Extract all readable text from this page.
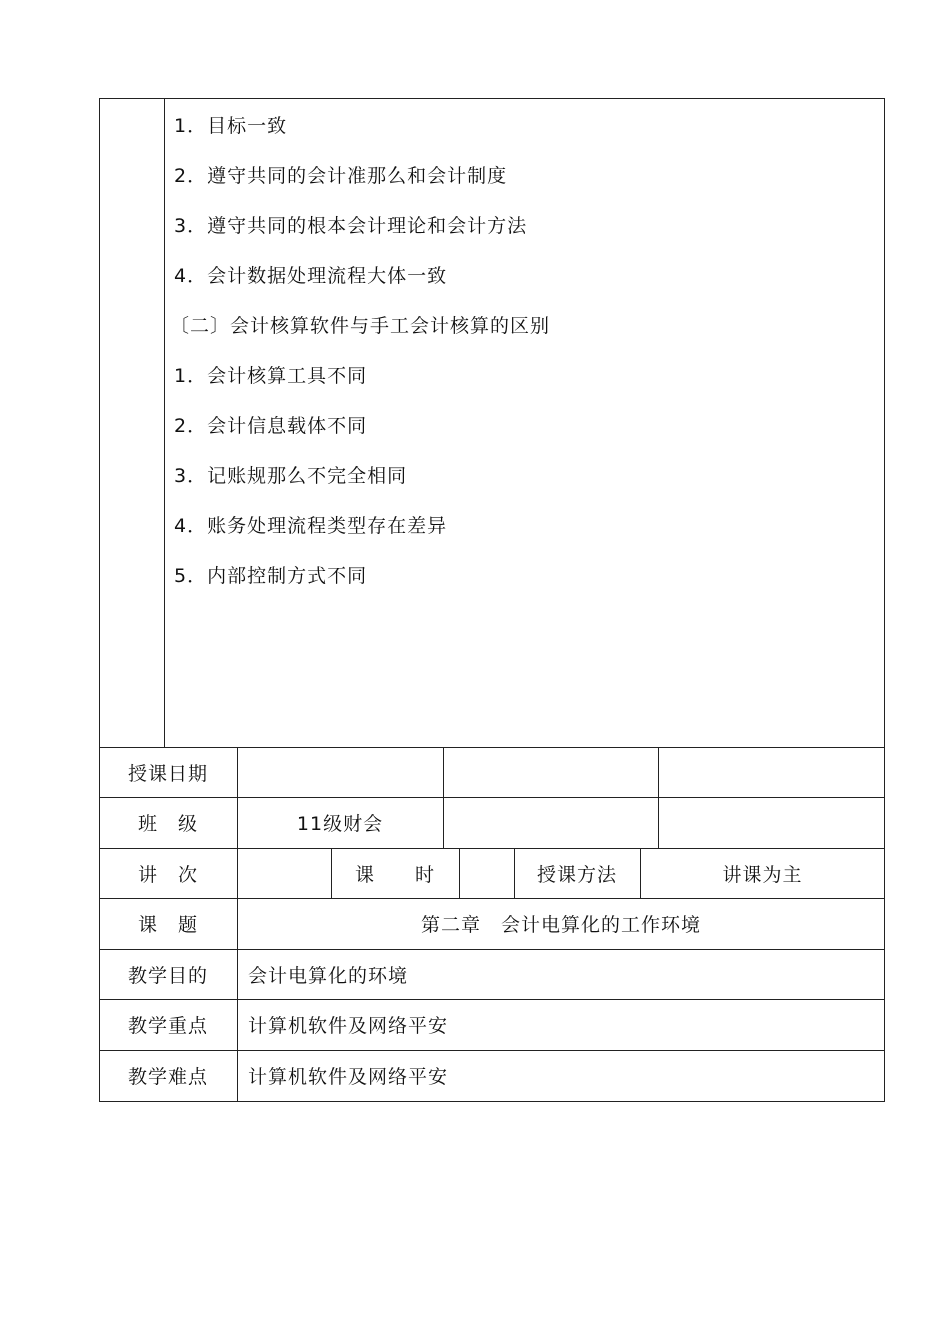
1．目标一致
2．遵守共同的会计准那么和会计制度
3．遵守共同的根本会计理论和会计方法
4．会计数据处理流程大体一致
〔二〕会计核算软件与手工会计核算的区别
1．会计核算工具不同
2．会计信息载体不同
3．记账规那么不完全相同
4．账务处理流程类型存在差异
5．内部控制方式不同
授课日期
班　级	11级财会
讲　次	课　　时	授课方法	讲课为主
课　题	第二章　会计电算化的工作环境
教学目的	会计电算化的环境
教学重点	计算机软件及网络平安
教学难点	计算机软件及网络平安
